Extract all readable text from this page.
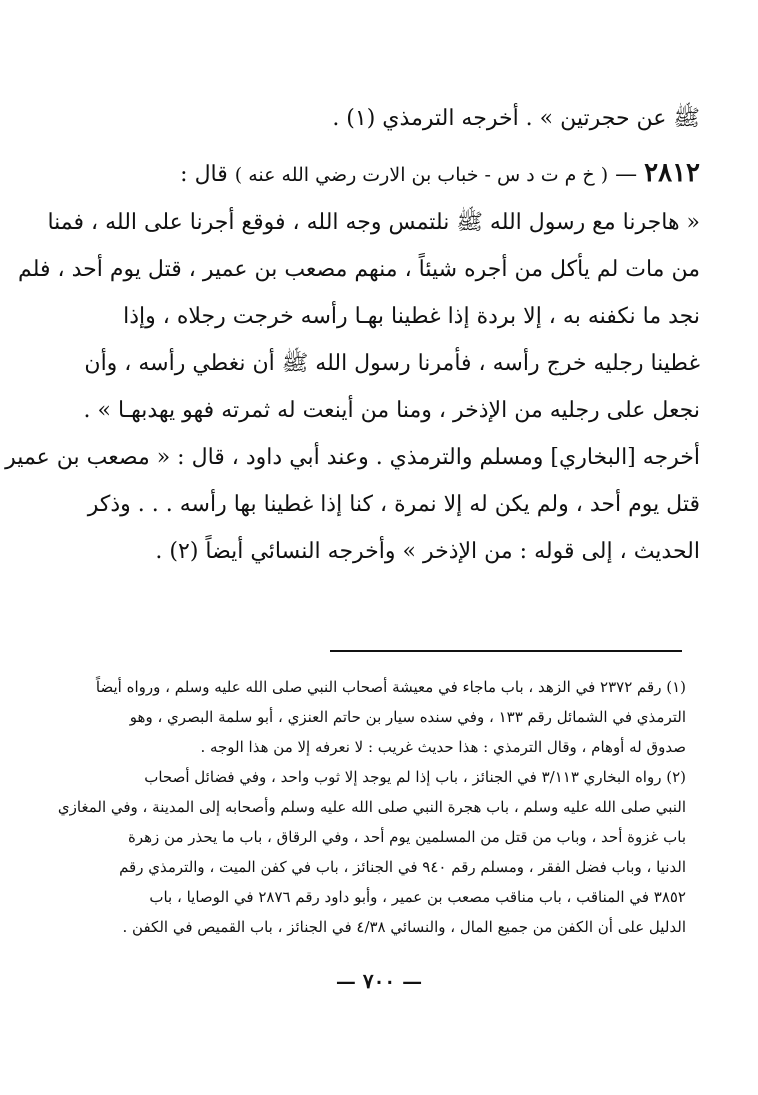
ﷺ عن حجرتين » . أخرجه الترمذي (١) .
٢٨١٢ — ( خ م ت د س - خباب بن الارت رضي الله عنه ) قال :
« هاجرنا مع رسول الله ﷺ نلتمس وجه الله ، فوقع أجرنا على الله ، فمنا
من مات لم يأكل من أجره شيئاً ، منهم مصعب بن عمير ، قتل يوم أحد ، فلم
نجد ما نكفنه به ، إلا بردة إذا غطينا بهـا رأسه خرجت رجلاه ، وإذا
غطينا رجليه خرج رأسه ، فأمرنا رسول الله ﷺ أن نغطي رأسه ، وأن
نجعل على رجليه من الإذخر ، ومنا من أينعت له ثمرته فهو يهدبهـا » .
أخرجه [البخاري] ومسلم والترمذي . وعند أبي داود ، قال : « مصعب بن عمير
قتل يوم أحد ، ولم يكن له إلا نمرة ، كنا إذا غطينا بها رأسه . . . وذكر
الحديث ، إلى قوله : من الإذخر » وأخرجه النسائي أيضاً (٢) .
(١) رقم ٢٣٧٢ في الزهد ، باب ماجاء في معيشة أصحاب النبي صلى الله عليه وسلم ، ورواه أيضاً
الترمذي في الشمائل رقم ١٣٣ ، وفي سنده سيار بن حاتم العنزي ، أبو سلمة البصري ، وهو
صدوق له أوهام ، وقال الترمذي : هذا حديث غريب : لا نعرفه إلا من هذا الوجه .
(٢) رواه البخاري ٣/١١٣ في الجنائز ، باب إذا لم يوجد إلا ثوب واحد ، وفي فضائل أصحاب
النبي صلى الله عليه وسلم ، باب هجرة النبي صلى الله عليه وسلم وأصحابه إلى المدينة ، وفي المغازي
باب غزوة أحد ، وباب من قتل من المسلمين يوم أحد ، وفي الرقاق ، باب ما يحذر من زهرة
الدنيا ، وباب فضل الفقر ، ومسلم رقم ٩٤٠ في الجنائز ، باب في كفن الميت ، والترمذي رقم
٣٨٥٢ في المناقب ، باب مناقب مصعب بن عمير ، وأبو داود رقم ٢٨٧٦ في الوصايا ، باب
الدليل على أن الكفن من جميع المال ، والنسائي ٤/٣٨ في الجنائز ، باب القميص في الكفن .
— ٧٠٠ —
